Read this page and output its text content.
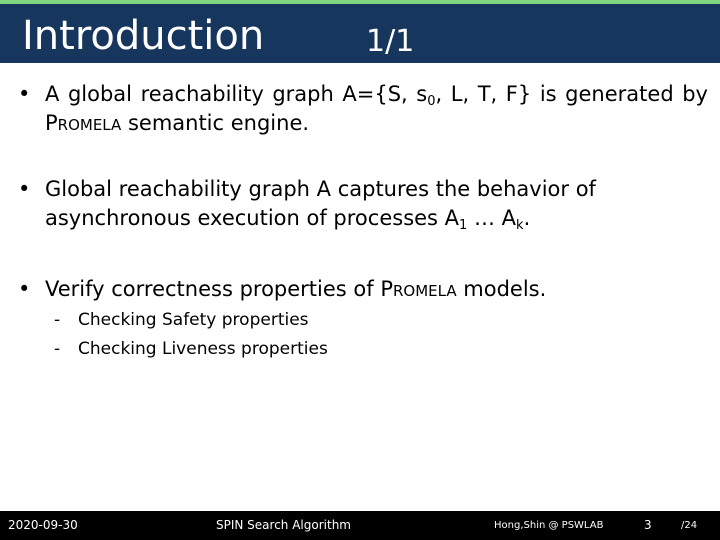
Introduction	1/1
• A global reachability graph A={S, $s_0$, L, T, F} is generated by Promela semantic engine.
• Global reachability graph A captures the behavior of asynchronous execution of processes $A_1$ … $A_k$.
• Verify correctness properties of Promela models.
- Checking Safety properties
- Checking Liveness properties
2020-09-30	SPIN Search Algorithm	Hong,Shin @ PSWLAB	3	/24
